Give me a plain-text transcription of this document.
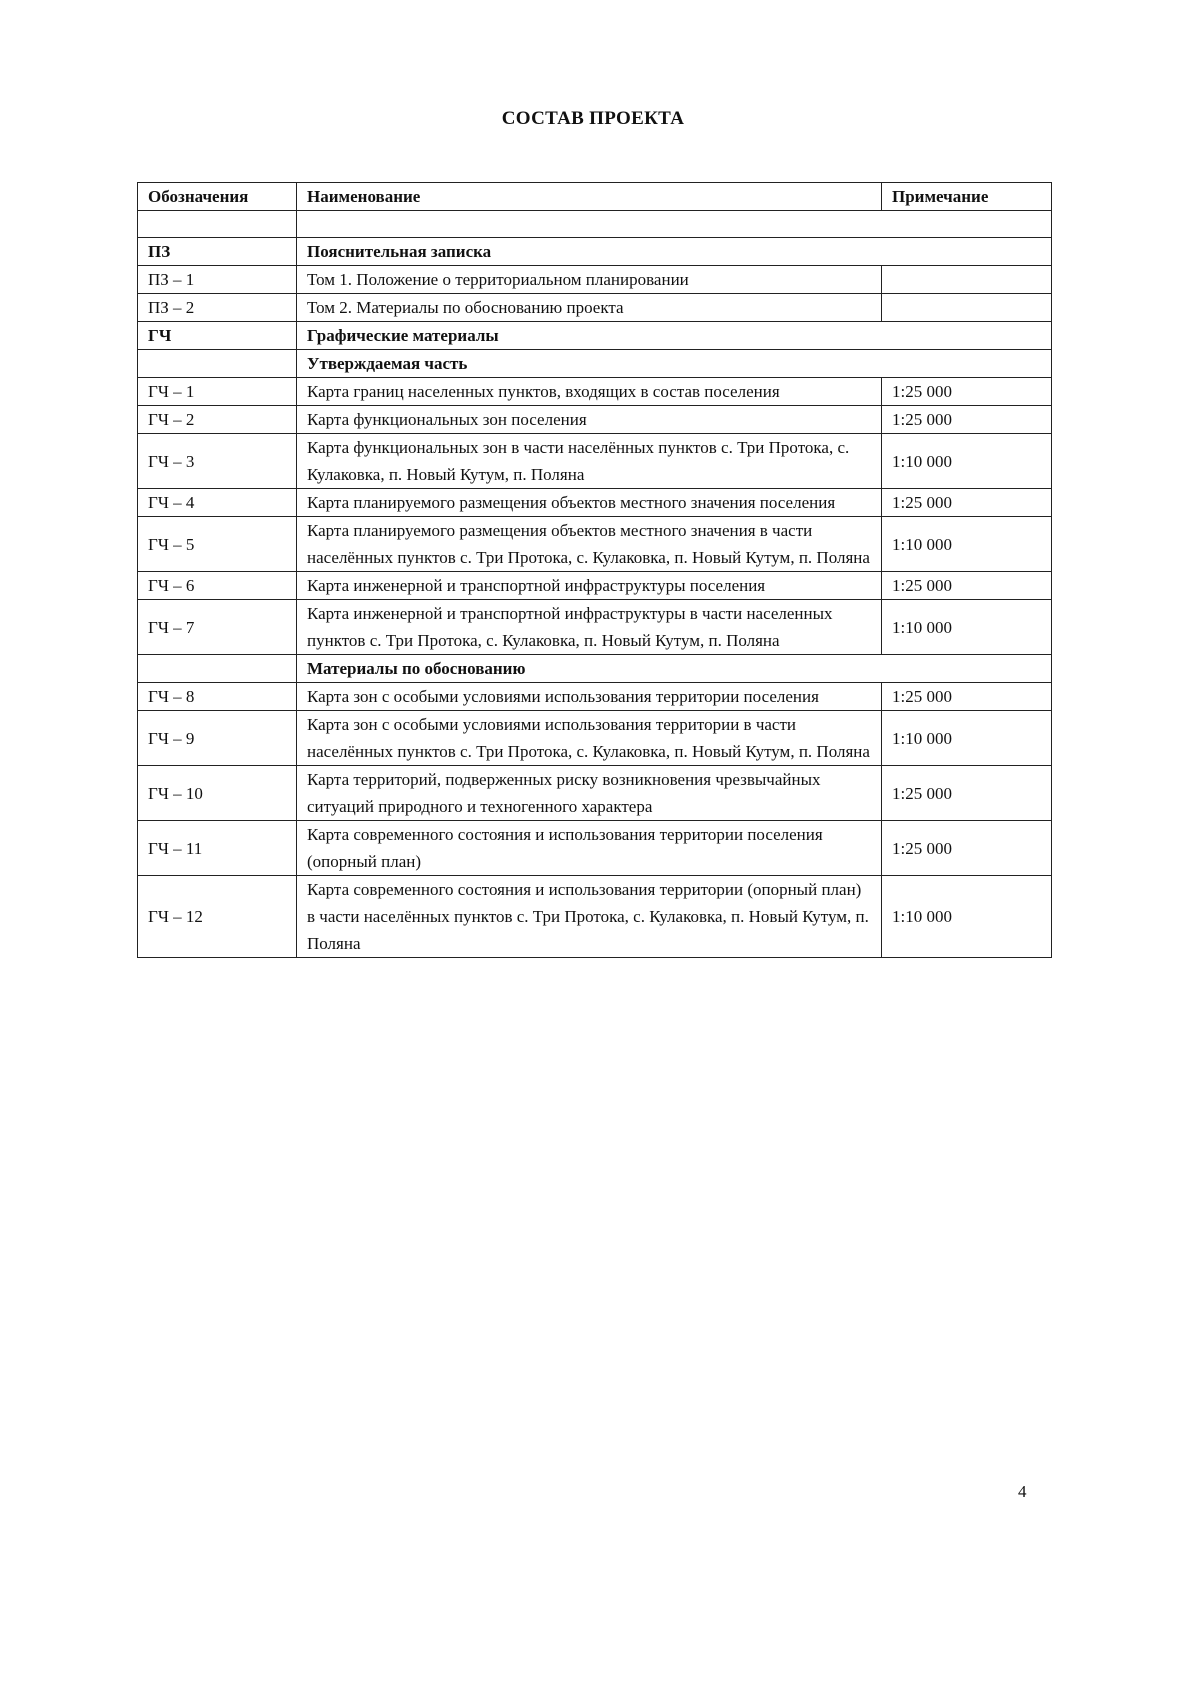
СОСТАВ ПРОЕКТА
Обозначения	Наименование	Примечание

ПЗ	Пояснительная записка	
ПЗ – 1	Том 1. Положение о территориальном планировании	
ПЗ – 2	Том 2. Материалы по обоснованию проекта	
ГЧ	Графические материалы	
	Утверждаемая часть	
ГЧ – 1	Карта границ населенных пунктов, входящих в состав поселения	1:25 000
ГЧ – 2	Карта функциональных зон поселения	1:25 000
ГЧ – 3	Карта функциональных зон в части населённых пунктов с. Три Протока, с. Кулаковка, п. Новый Кутум, п. Поляна	1:10 000
ГЧ – 4	Карта планируемого размещения объектов местного значения поселения	1:25 000
ГЧ – 5	Карта планируемого размещения объектов местного значения в части населённых пунктов с. Три Протока, с. Кулаковка, п. Новый Кутум, п. Поляна	1:10 000
ГЧ – 6	Карта инженерной и транспортной инфраструктуры поселения	1:25 000
ГЧ – 7	Карта инженерной и транспортной инфраструктуры в части населенных пунктов с. Три Протока, с. Кулаковка, п. Новый Кутум, п. Поляна	1:10 000
	Материалы по обоснованию	
ГЧ – 8	Карта зон с особыми условиями использования территории поселения	1:25 000
ГЧ – 9	Карта зон с особыми условиями использования территории в части населённых пунктов с. Три Протока, с. Кулаковка, п. Новый Кутум, п. Поляна	1:10 000
ГЧ – 10	Карта территорий, подверженных риску возникновения чрезвычайных ситуаций природного и техногенного характера	1:25 000
ГЧ – 11	Карта современного состояния и использования территории поселения (опорный план)	1:25 000
ГЧ – 12	Карта современного состояния и использования территории (опорный план) в части населённых пунктов с. Три Протока, с. Кулаковка, п. Новый Кутум, п. Поляна	1:10 000
4
